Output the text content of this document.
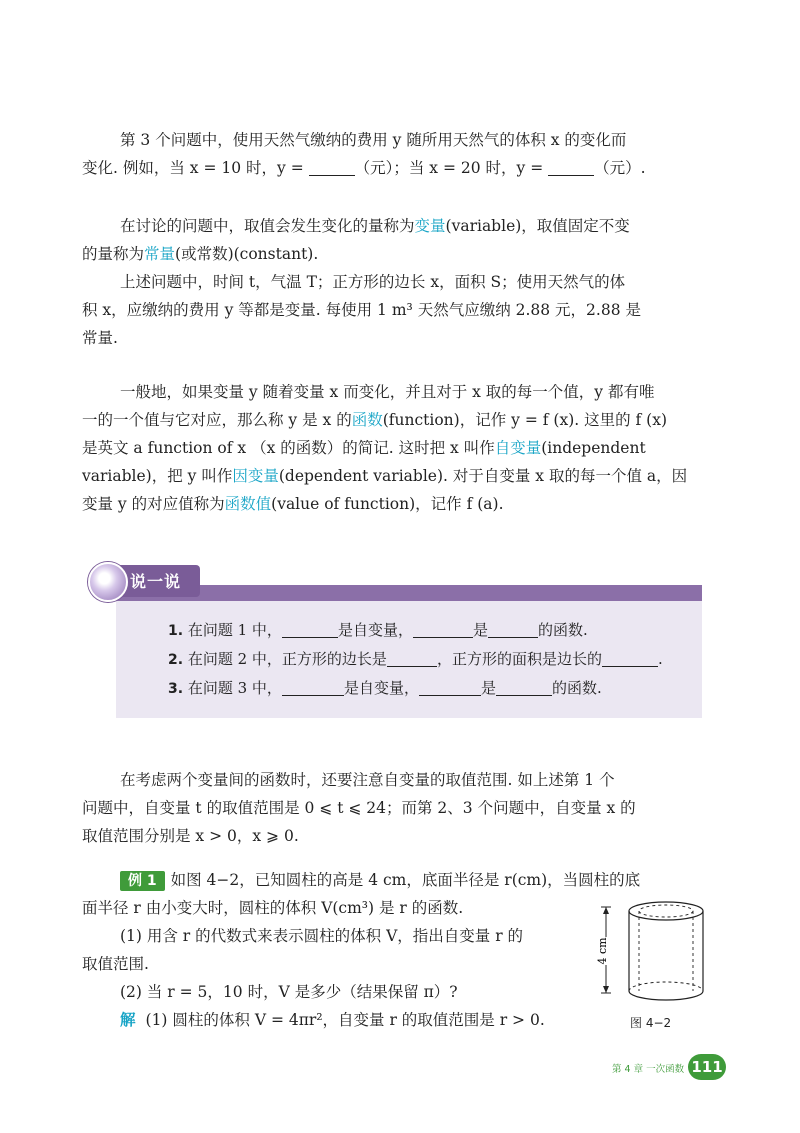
第 3 个问题中，使用天然气缴纳的费用 y 随所用天然气的体积 x 的变化而
变化. 例如，当 x = 10 时，y =	（元）；当 x = 20 时，y =	（元）.
在讨论的问题中，取值会发生变化的量称为变量(variable)，取值固定不变
的量称为常量(或常数)(constant).
上述问题中，时间 t，气温 T；正方形的边长 x，面积 S；使用天然气的体
积 x，应缴纳的费用 y 等都是变量. 每使用 1 m³ 天然气应缴纳 2.88 元，2.88 是
常量.
一般地，如果变量 y 随着变量 x 而变化，并且对于 x 取的每一个值，y 都有唯
一的一个值与它对应，那么称 y 是 x 的函数(function)，记作 y = f (x). 这里的 f (x)
是英文 a function of x （x 的函数）的简记. 这时把 x 叫作自变量(independent
variable)，把 y 叫作因变量(dependent variable). 对于自变量 x 取的每一个值 a，因
变量 y 的对应值称为函数值(value of function)，记作 f (a).
说一说
1. 在问题 1 中，	是自变量，	是	的函数.
2. 在问题 2 中，正方形的边长是	，正方形的面积是边长的	.
3. 在问题 3 中，	是自变量，	是	的函数.
在考虑两个变量间的函数时，还要注意自变量的取值范围. 如上述第 1 个
问题中，自变量 t 的取值范围是 0 ⩽ t ⩽ 24；而第 2、3 个问题中，自变量 x 的
取值范围分别是 x > 0，x ⩾ 0.
例 1 如图 4−2，已知圆柱的高是 4 cm，底面半径是 r(cm)，当圆柱的底
面半径 r 由小变大时，圆柱的体积 V(cm³) 是 r 的函数.
(1) 用含 r 的代数式来表示圆柱的体积 V，指出自变量 r 的
取值范围.
(2) 当 r = 5，10 时，V 是多少（结果保留 π）?
解 (1) 圆柱的体积 V = 4πr²，自变量 r 的取值范围是 r > 0.
4 cm
图 4−2
第 4 章 一次函数 111
